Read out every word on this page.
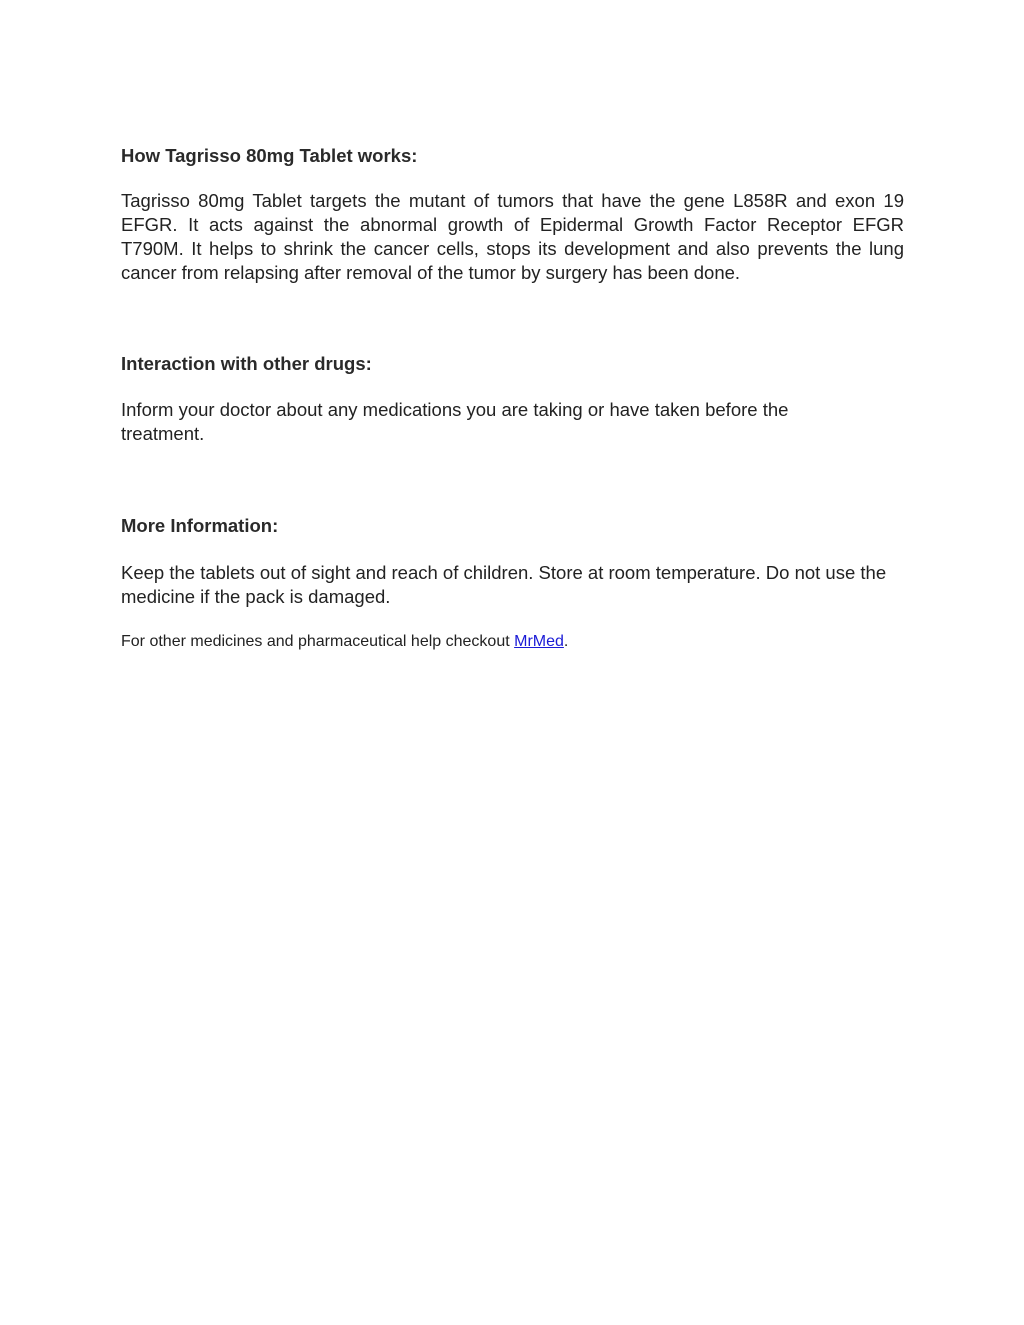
How Tagrisso 80mg Tablet works:

Tagrisso 80mg Tablet targets the mutant of tumors that have the gene L858R and exon 19 EFGR. It acts against the abnormal growth of Epidermal Growth Factor Receptor EFGR T790M. It helps to shrink the cancer cells, stops its development and also prevents the lung cancer from relapsing after removal of the tumor by surgery has been done.

Interaction with other drugs:

Inform your doctor about any medications you are taking or have taken before the treatment.

More Information:

Keep the tablets out of sight and reach of children. Store at room temperature. Do not use the medicine if the pack is damaged.

For other medicines and pharmaceutical help checkout MrMed.
